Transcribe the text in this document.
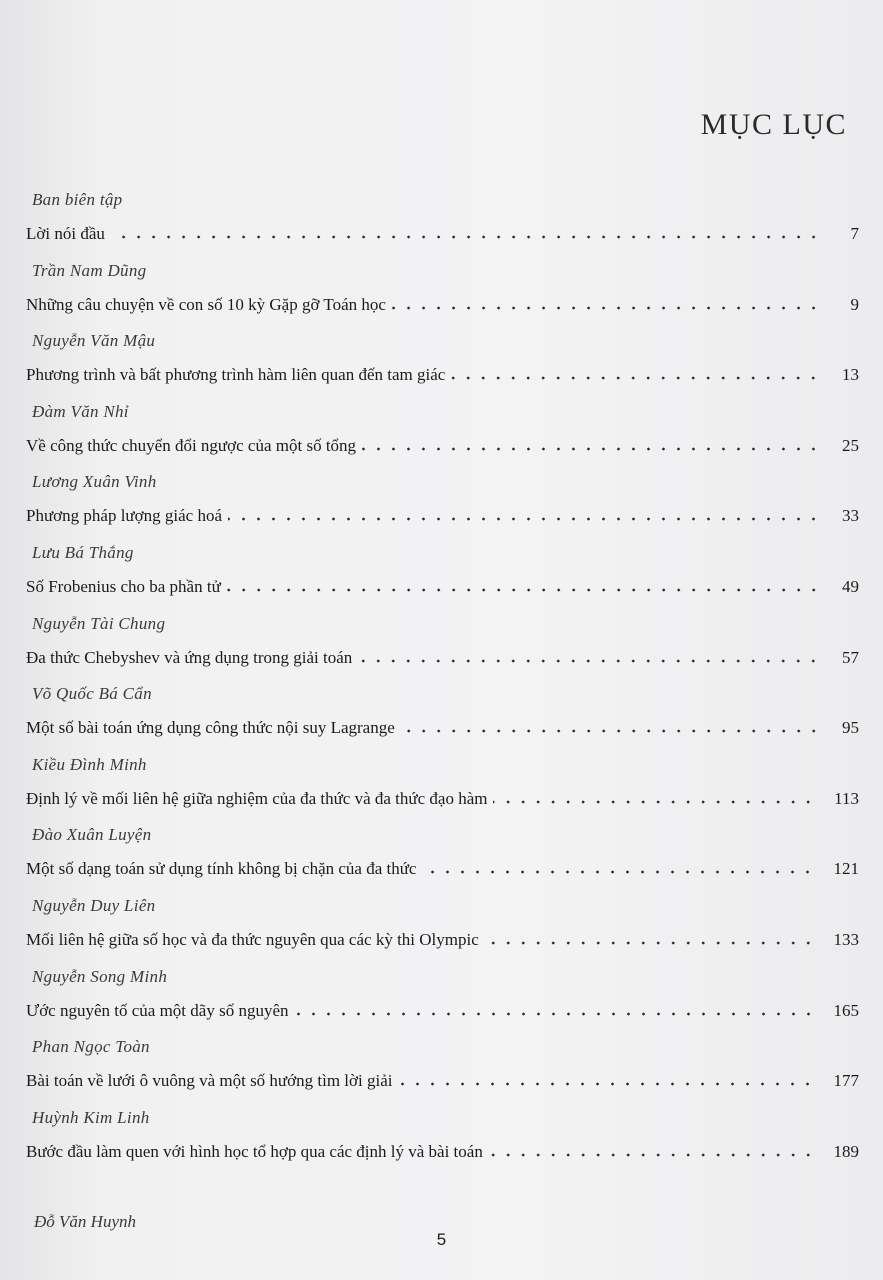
MỤC LỤC
Ban biên tập
Lời nói đầu	7
Trần Nam Dũng
Những câu chuyện về con số 10 kỳ Gặp gỡ Toán học	9
Nguyễn Văn Mậu
Phương trình và bất phương trình hàm liên quan đến tam giác	13
Đàm Văn Nhỉ
Về công thức chuyển đổi ngược của một số tổng	25
Lương Xuân Vinh
Phương pháp lượng giác hoá	33
Lưu Bá Thắng
Số Frobenius cho ba phần tử	49
Nguyễn Tài Chung
Đa thức Chebyshev và ứng dụng trong giải toán	57
Võ Quốc Bá Cẩn
Một số bài toán ứng dụng công thức nội suy Lagrange	95
Kiều Đình Minh
Định lý về mối liên hệ giữa nghiệm của đa thức và đa thức đạo hàm	113
Đào Xuân Luyện
Một số dạng toán sử dụng tính không bị chặn của đa thức	121
Nguyễn Duy Liên
Mối liên hệ giữa số học và đa thức nguyên qua các kỳ thi Olympic	133
Nguyễn Song Minh
Ước nguyên tố của một dãy số nguyên	165
Phan Ngọc Toàn
Bài toán về lưới ô vuông và một số hướng tìm lời giải	177
Huỳnh Kim Linh
Bước đầu làm quen với hình học tổ hợp qua các định lý và bài toán	189
Đỗ Văn Huynh
5
